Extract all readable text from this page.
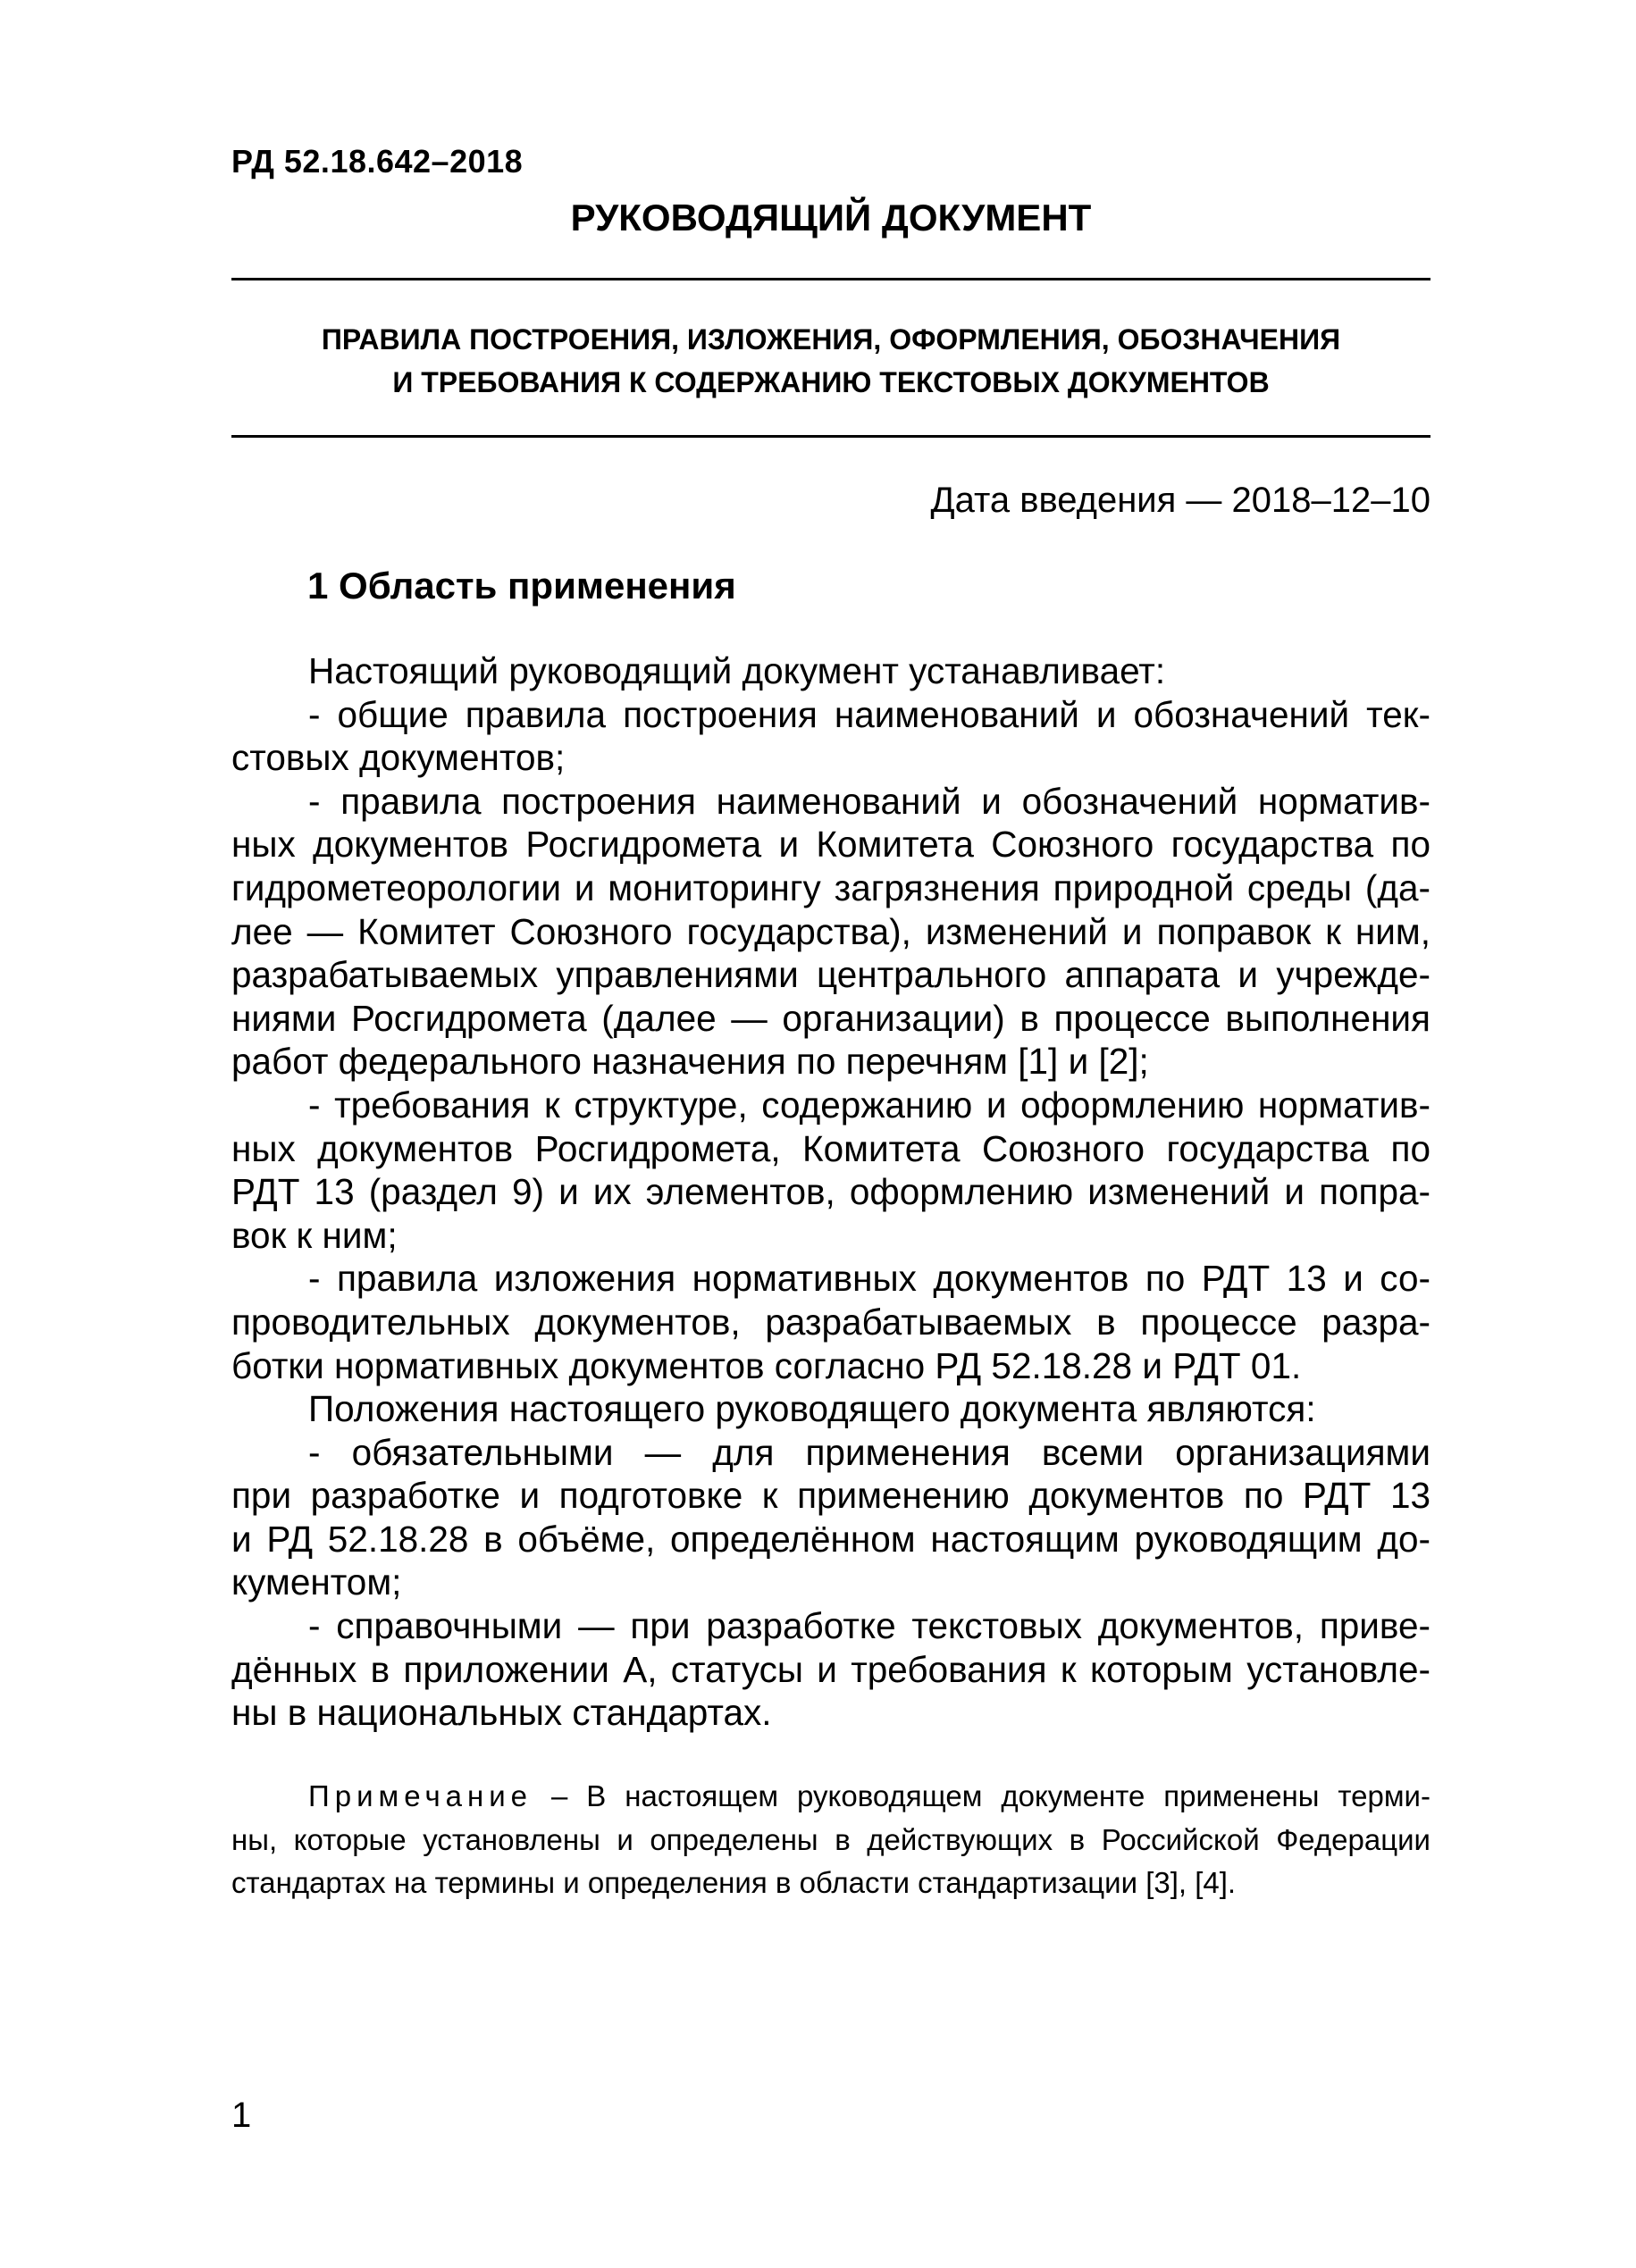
РД 52.18.642–2018
РУКОВОДЯЩИЙ ДОКУМЕНТ
ПРАВИЛА ПОСТРОЕНИЯ, ИЗЛОЖЕНИЯ, ОФОРМЛЕНИЯ, ОБОЗНАЧЕНИЯ
И ТРЕБОВАНИЯ К СОДЕРЖАНИЮ ТЕКСТОВЫХ ДОКУМЕНТОВ
Дата введения — 2018–12–10
1 Область применения
Настоящий руководящий документ устанавливает:
- общие правила построения наименований и обозначений тек-
стовых документов;
- правила построения наименований и обозначений норматив-
ных документов Росгидромета и Комитета Союзного государства по
гидрометеорологии и мониторингу загрязнения природной среды (да-
лее — Комитет Союзного государства), изменений и поправок к ним,
разрабатываемых управлениями центрального аппарата и учрежде-
ниями Росгидромета (далее — организации) в процессе выполнения
работ федерального назначения по перечням [1] и [2];
- требования к структуре, содержанию и оформлению норматив-
ных документов Росгидромета, Комитета Союзного государства по
РДТ 13 (раздел 9) и их элементов, оформлению изменений и попра-
вок к ним;
- правила изложения нормативных документов по РДТ 13 и со-
проводительных документов, разрабатываемых в процессе разра-
ботки нормативных документов согласно РД 52.18.28 и РДТ 01.
Положения настоящего руководящего документа являются:
- обязательными — для применения всеми организациями
при разработке и подготовке к применению документов по РДТ 13
и РД 52.18.28 в объёме, определённом настоящим руководящим до-
кументом;
- справочными — при разработке текстовых документов, приве-
дённых в приложении А, статусы и требования к которым установле-
ны в национальных стандартах.
Примечание – В настоящем руководящем документе применены терми-
ны, которые установлены и определены в действующих в Российской Федерации
стандартах на термины и определения в области стандартизации [3], [4].
1
